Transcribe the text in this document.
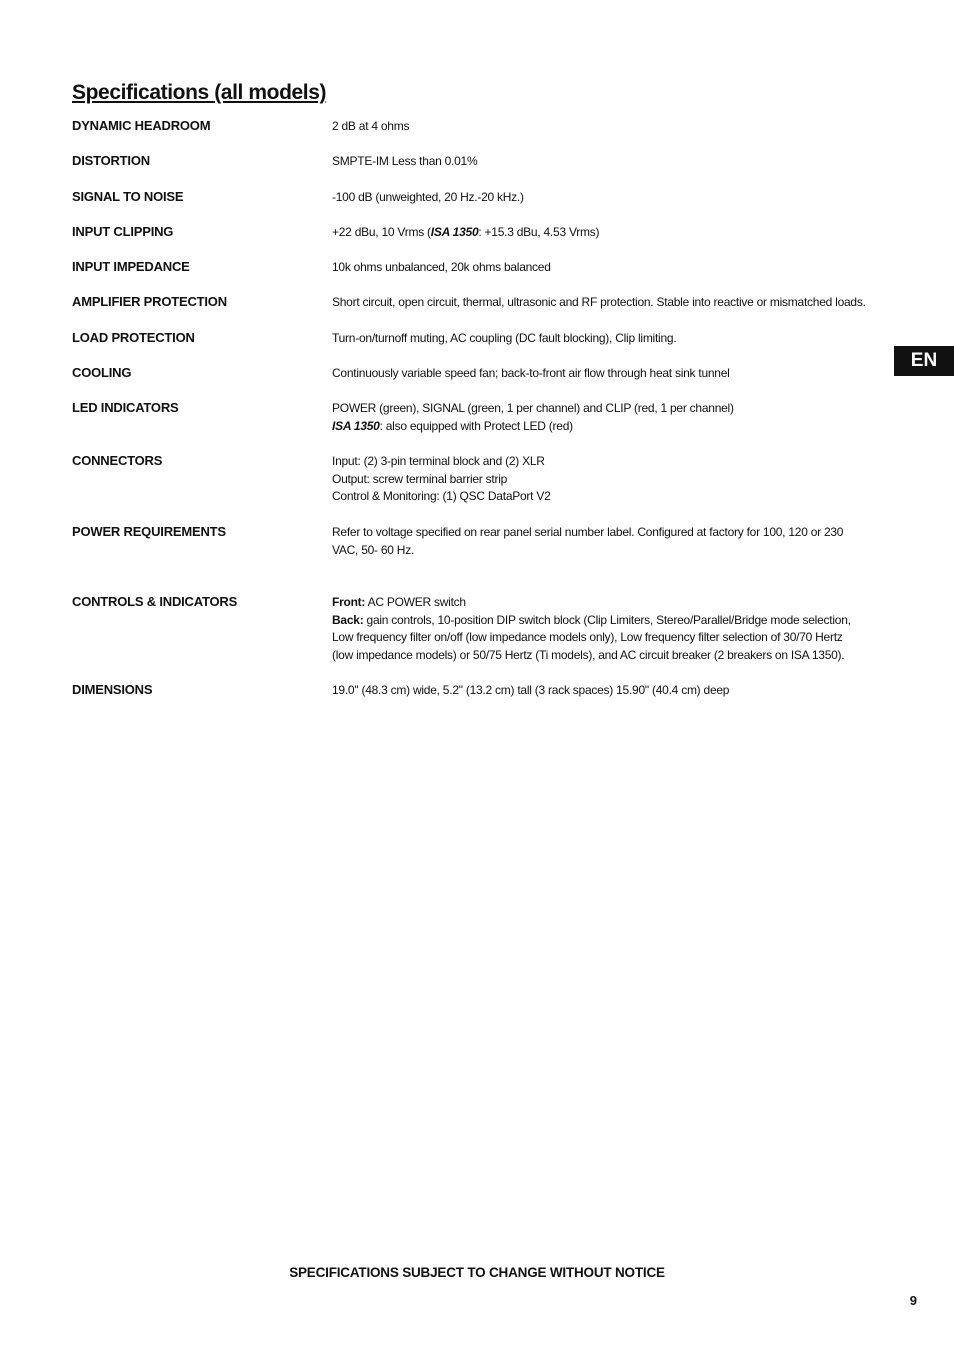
Specifications (all models)
DYNAMIC HEADROOM	2 dB at 4 ohms
DISTORTION	SMPTE-IM Less than 0.01%
SIGNAL TO NOISE	-100 dB (unweighted, 20 Hz.-20 kHz.)
INPUT CLIPPING	+22 dBu, 10 Vrms (ISA 1350: +15.3 dBu, 4.53 Vrms)
INPUT IMPEDANCE	10k ohms unbalanced, 20k ohms balanced
AMPLIFIER PROTECTION	Short circuit, open circuit, thermal, ultrasonic and RF protection. Stable into reactive or mismatched loads.
LOAD PROTECTION	Turn-on/turnoff muting, AC coupling (DC fault blocking), Clip limiting.
COOLING	Continuously variable speed fan; back-to-front air flow through heat sink tunnel
LED INDICATORS	POWER (green), SIGNAL (green, 1 per channel) and CLIP (red, 1 per channel)
ISA 1350: also equipped with Protect LED (red)
CONNECTORS	Input: (2) 3-pin terminal block and (2) XLR
Output: screw terminal barrier strip
Control & Monitoring: (1) QSC DataPort V2
POWER REQUIREMENTS	Refer to voltage specified on rear panel serial number label. Configured at factory for 100, 120 or 230
VAC, 50- 60 Hz.
CONTROLS & INDICATORS	Front: AC POWER switch
Back: gain controls, 10-position DIP switch block (Clip Limiters, Stereo/Parallel/Bridge mode selection,
Low frequency filter on/off (low impedance models only), Low frequency filter selection of 30/70 Hertz
(low impedance models) or 50/75 Hertz (Ti models), and AC circuit breaker (2 breakers on ISA 1350).
DIMENSIONS	19.0" (48.3 cm) wide, 5.2" (13.2 cm) tall (3 rack spaces) 15.90" (40.4 cm) deep
EN
SPECIFICATIONS SUBJECT TO CHANGE WITHOUT NOTICE
9
